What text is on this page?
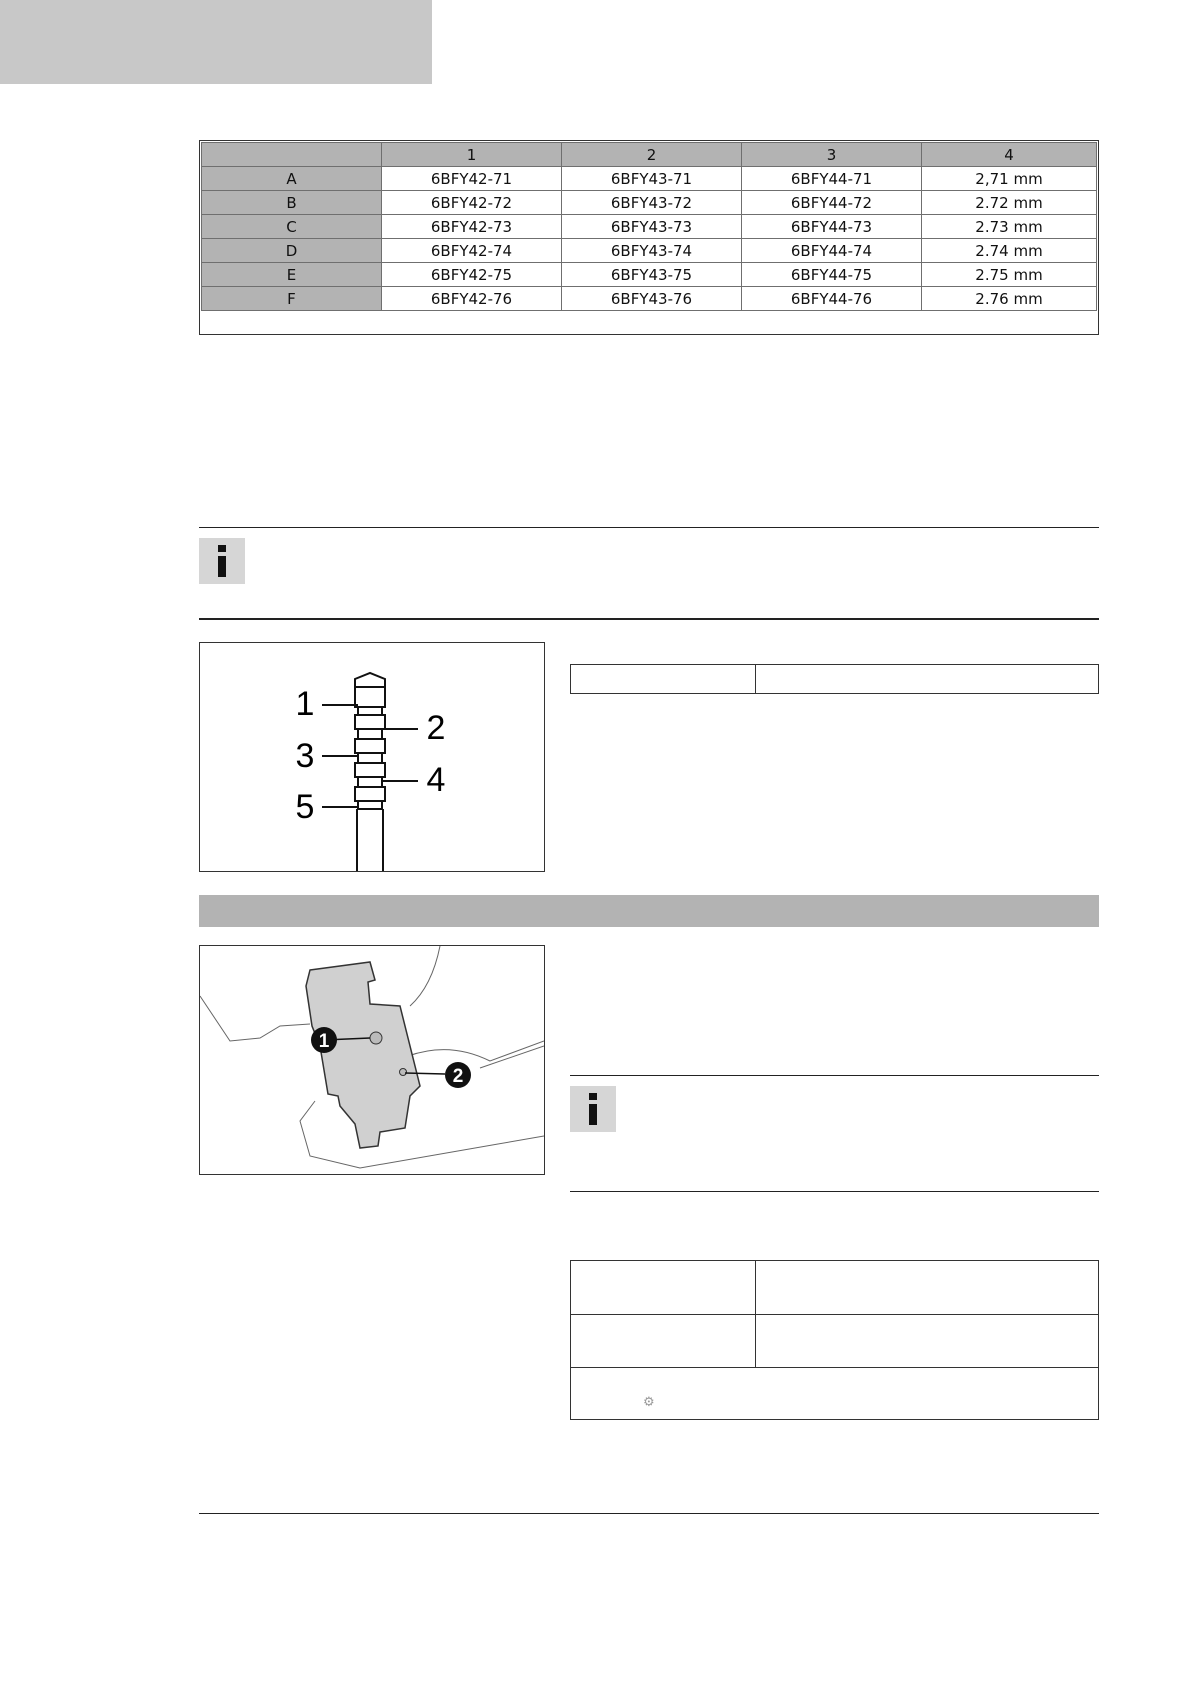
	1	2	3	4
A	6BFY42-71	6BFY43-71	6BFY44-71	2,71 mm
B	6BFY42-72	6BFY43-72	6BFY44-72	2.72 mm
C	6BFY42-73	6BFY43-73	6BFY44-73	2.73 mm
D	6BFY42-74	6BFY43-74	6BFY44-74	2.74 mm
E	6BFY42-75	6BFY43-75	6BFY44-75	2.75 mm
F	6BFY42-76	6BFY43-76	6BFY44-76	2.76 mm
1
2
3
4
5
1
2
⚙
